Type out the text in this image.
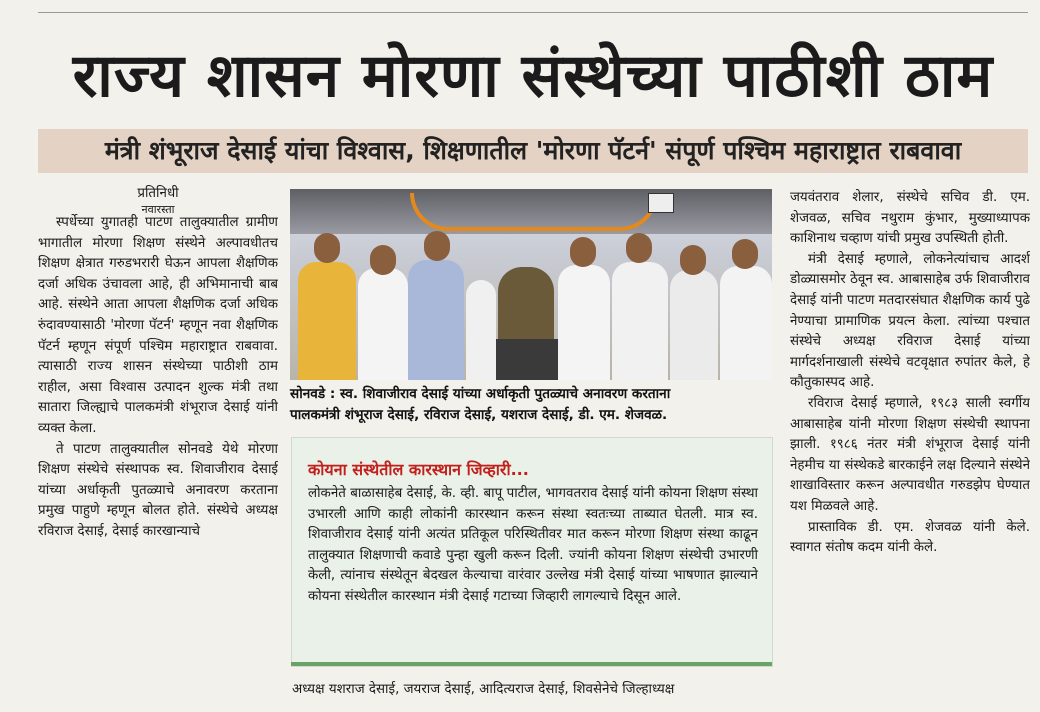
राज्य शासन मोरणा संस्थेच्या पाठीशी ठाम
मंत्री शंभूराज देसाई यांचा विश्वास, शिक्षणातील 'मोरणा पॅटर्न' संपूर्ण पश्चिम महाराष्ट्रात राबवावा
प्रतिनिधी
नवारस्ता

स्पर्धेच्या युगातही पाटण तालुक्यातील ग्रामीण भागातील मोरणा शिक्षण संस्थेने अल्पावधीतच शिक्षण क्षेत्रात गरुडभरारी घेऊन आपला शैक्षणिक दर्जा अधिक उंचावला आहे, ही अभिमानाची बाब आहे. संस्थेने आता आपला शैक्षणिक दर्जा अधिक रुंदावण्यासाठी 'मोरणा पॅटर्न' म्हणून नवा शैक्षणिक पॅटर्न म्हणून संपूर्ण पश्चिम महाराष्ट्रात राबवावा. त्यासाठी राज्य शासन संस्थेच्या पाठीशी ठाम राहील, असा विश्वास उत्पादन शुल्क मंत्री तथा सातारा जिल्ह्याचे पालकमंत्री शंभूराज देसाई यांनी व्यक्त केला.

ते पाटण तालुक्यातील सोनवडे येथे मोरणा शिक्षण संस्थेचे संस्थापक स्व. शिवाजीराव देसाई यांच्या अर्धाकृती पुतळ्याचे अनावरण करताना प्रमुख पाहुणे म्हणून बोलत होते. संस्थेचे अध्यक्ष रविराज देसाई, देसाई कारखान्याचे

सोनवडे : स्व. शिवाजीराव देसाई यांच्या अर्धाकृती पुतळ्याचे अनावरण करताना
पालकमंत्री शंभूराज देसाई, रविराज देसाई, यशराज देसाई, डी. एम. शेजवळ.
कोयना संस्थेतील कारस्थान जिव्हारी...
लोकनेते बाळासाहेब देसाई, के. व्ही. बापू पाटील, भागवतराव देसाई यांनी कोयना शिक्षण संस्था उभारली आणि काही लोकांनी कारस्थान करून संस्था स्वतःच्या ताब्यात घेतली. मात्र स्व. शिवाजीराव देसाई यांनी अत्यंत प्रतिकूल परिस्थितीवर मात करून मोरणा शिक्षण संस्था काढून तालुक्यात शिक्षणाची कवाडे पुन्हा खुली करून दिली. ज्यांनी कोयना शिक्षण संस्थेची उभारणी केली, त्यांनाच संस्थेतून बेदखल केल्याचा वारंवार उल्लेख मंत्री देसाई यांच्या भाषणात झाल्याने कोयना संस्थेतील कारस्थान मंत्री देसाई गटाच्या जिव्हारी लागल्याचे दिसून आले.
अध्यक्ष यशराज देसाई, जयराज देसाई, आदित्यराज देसाई, शिवसेनेचे जिल्हाध्यक्ष

जयवंतराव शेलार, संस्थेचे सचिव डी. एम. शेजवळ, सचिव नथुराम कुंभार, मुख्याध्यापक काशिनाथ चव्हाण यांची प्रमुख उपस्थिती होती.

मंत्री देसाई म्हणाले, लोकनेत्यांचाच आदर्श डोळ्यासमोर ठेवून स्व. आबासाहेब उर्फ शिवाजीराव देसाई यांनी पाटण मतदारसंघात शैक्षणिक कार्य पुढे नेण्याचा प्रामाणिक प्रयत्न केला. त्यांच्या पश्चात संस्थेचे अध्यक्ष रविराज देसाई यांच्या मार्गदर्शनाखाली संस्थेचे वटवृक्षात रुपांतर केले, हे कौतुकास्पद आहे.

रविराज देसाई म्हणाले, १९८३ साली स्वर्गीय आबासाहेब यांनी मोरणा शिक्षण संस्थेची स्थापना झाली. १९८६ नंतर मंत्री शंभूराज देसाई यांनी नेहमीच या संस्थेकडे बारकाईने लक्ष दिल्याने संस्थेने शाखाविस्तार करून अल्पावधीत गरुडझेप घेण्यात यश मिळवले आहे.

प्रास्ताविक डी. एम. शेजवळ यांनी केले. स्वागत संतोष कदम यांनी केले.
